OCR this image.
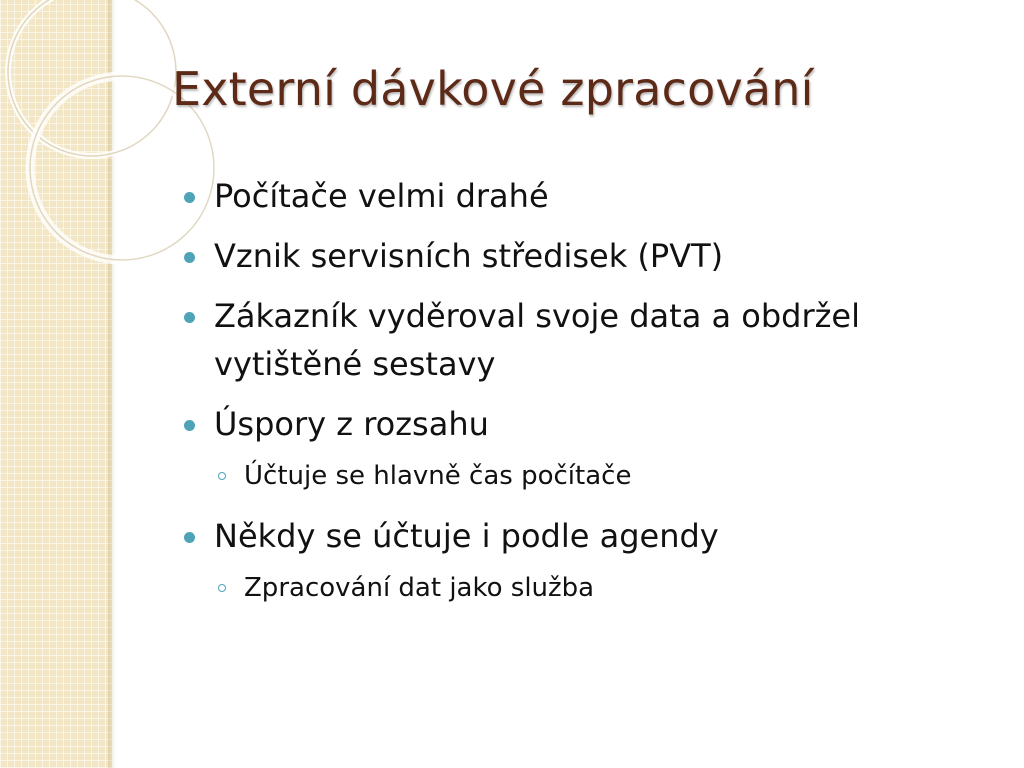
Externí dávkové zpracování
Počítače velmi drahé
Vznik servisních středisek (PVT)
Zákazník vyděroval svoje data a obdržel vytištěné sestavy
Úspory z rozsahu
Účtuje se hlavně čas počítače
Někdy se účtuje i podle agendy
Zpracování dat jako služba
